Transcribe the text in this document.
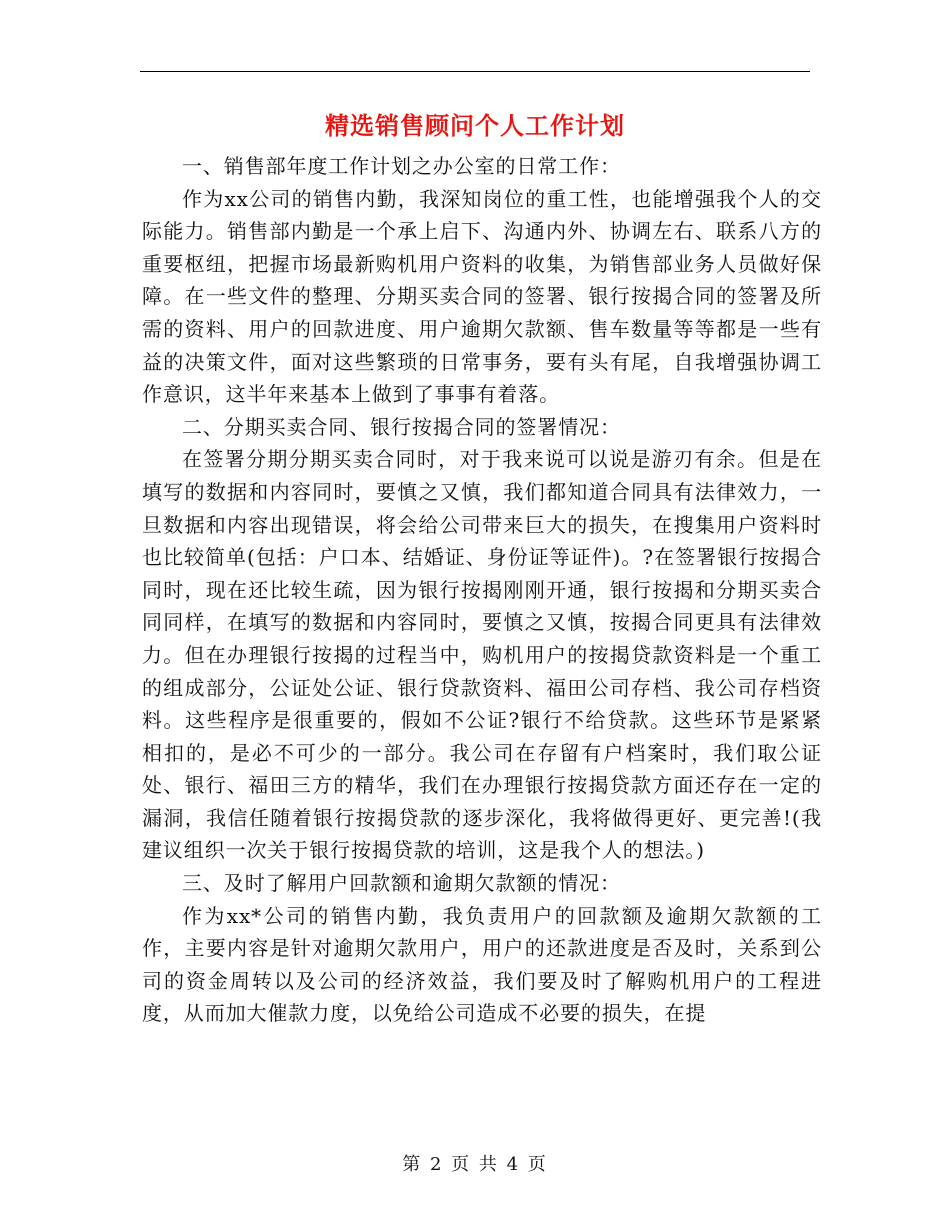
精选销售顾问个人工作计划

一、销售部年度工作计划之办公室的日常工作：

作为xx公司的销售内勤，我深知岗位的重工性，也能增强我个人的交际能力。销售部内勤是一个承上启下、沟通内外、协调左右、联系八方的重要枢纽，把握市场最新购机用户资料的收集，为销售部业务人员做好保障。在一些文件的整理、分期买卖合同的签署、银行按揭合同的签署及所需的资料、用户的回款进度、用户逾期欠款额、售车数量等等都是一些有益的决策文件，面对这些繁琐的日常事务，要有头有尾，自我增强协调工作意识，这半年来基本上做到了事事有着落。

二、分期买卖合同、银行按揭合同的签署情况：

在签署分期分期买卖合同时，对于我来说可以说是游刃有余。但是在填写的数据和内容同时，要慎之又慎，我们都知道合同具有法律效力，一旦数据和内容出现错误，将会给公司带来巨大的损失，在搜集用户资料时也比较简单(包括：户口本、结婚证、身份证等证件)。?在签署银行按揭合同时，现在还比较生疏，因为银行按揭刚刚开通，银行按揭和分期买卖合同同样，在填写的数据和内容同时，要慎之又慎，按揭合同更具有法律效力。但在办理银行按揭的过程当中，购机用户的按揭贷款资料是一个重工的组成部分，公证处公证、银行贷款资料、福田公司存档、我公司存档资料。这些程序是很重要的，假如不公证?银行不给贷款。这些环节是紧紧相扣的，是必不可少的一部分。我公司在存留有户档案时，我们取公证处、银行、福田三方的精华，我们在办理银行按揭贷款方面还存在一定的漏洞，我信任随着银行按揭贷款的逐步深化，我将做得更好、更完善!(我建议组织一次关于银行按揭贷款的培训，这是我个人的想法。)

三、及时了解用户回款额和逾期欠款额的情况：

作为xx*公司的销售内勤，我负责用户的回款额及逾期欠款额的工作，主要内容是针对逾期欠款用户，用户的还款进度是否及时，关系到公司的资金周转以及公司的经济效益，我们要及时了解购机用户的工程进度，从而加大催款力度，以免给公司造成不必要的损失，在提

第 2 页 共 4 页
